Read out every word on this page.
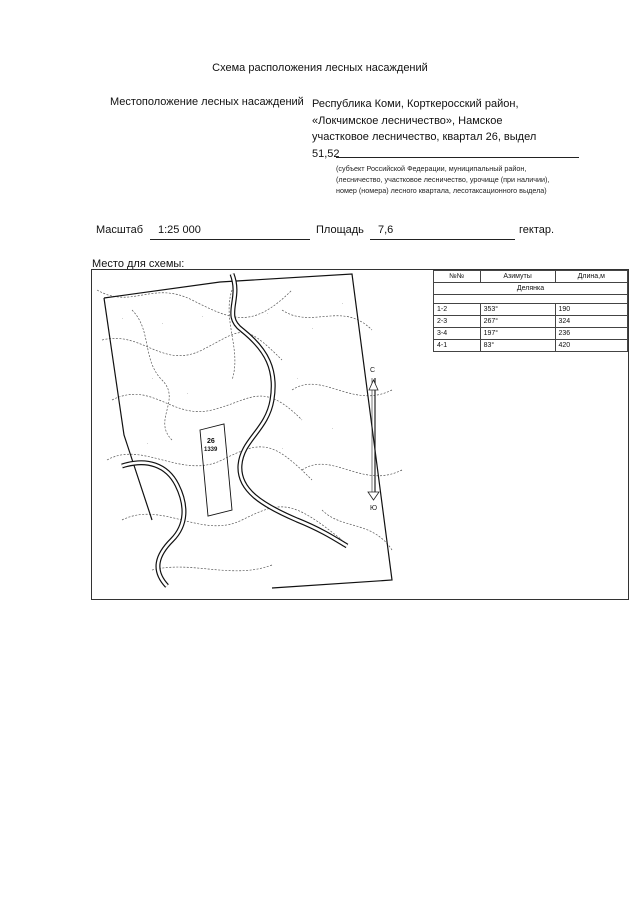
Схема расположения лесных насаждений
Местоположение лесных насаждений Республика Коми, Корткеросский район,
«Локчимское лесничество», Намское
участковое лесничество, квартал 26, выдел
51,52
(субъект Российской Федерации, муниципальный район,
(лесничество, участковое лесничество, урочище (при наличии),
номер (номера) лесного квартала, лесотаксационного выдела)
Масштаб 1:25 000	Площадь 7,6	гектар.
Место для схемы:
·
·
·
·
·
·
·
·
·
·
·
·	26
1339
С
Ю
№№	Азимуты	Длина,м
Делянка		

1-2	353°	190
2-3	267°	324
3-4	197°	236
4-1	83°	420
